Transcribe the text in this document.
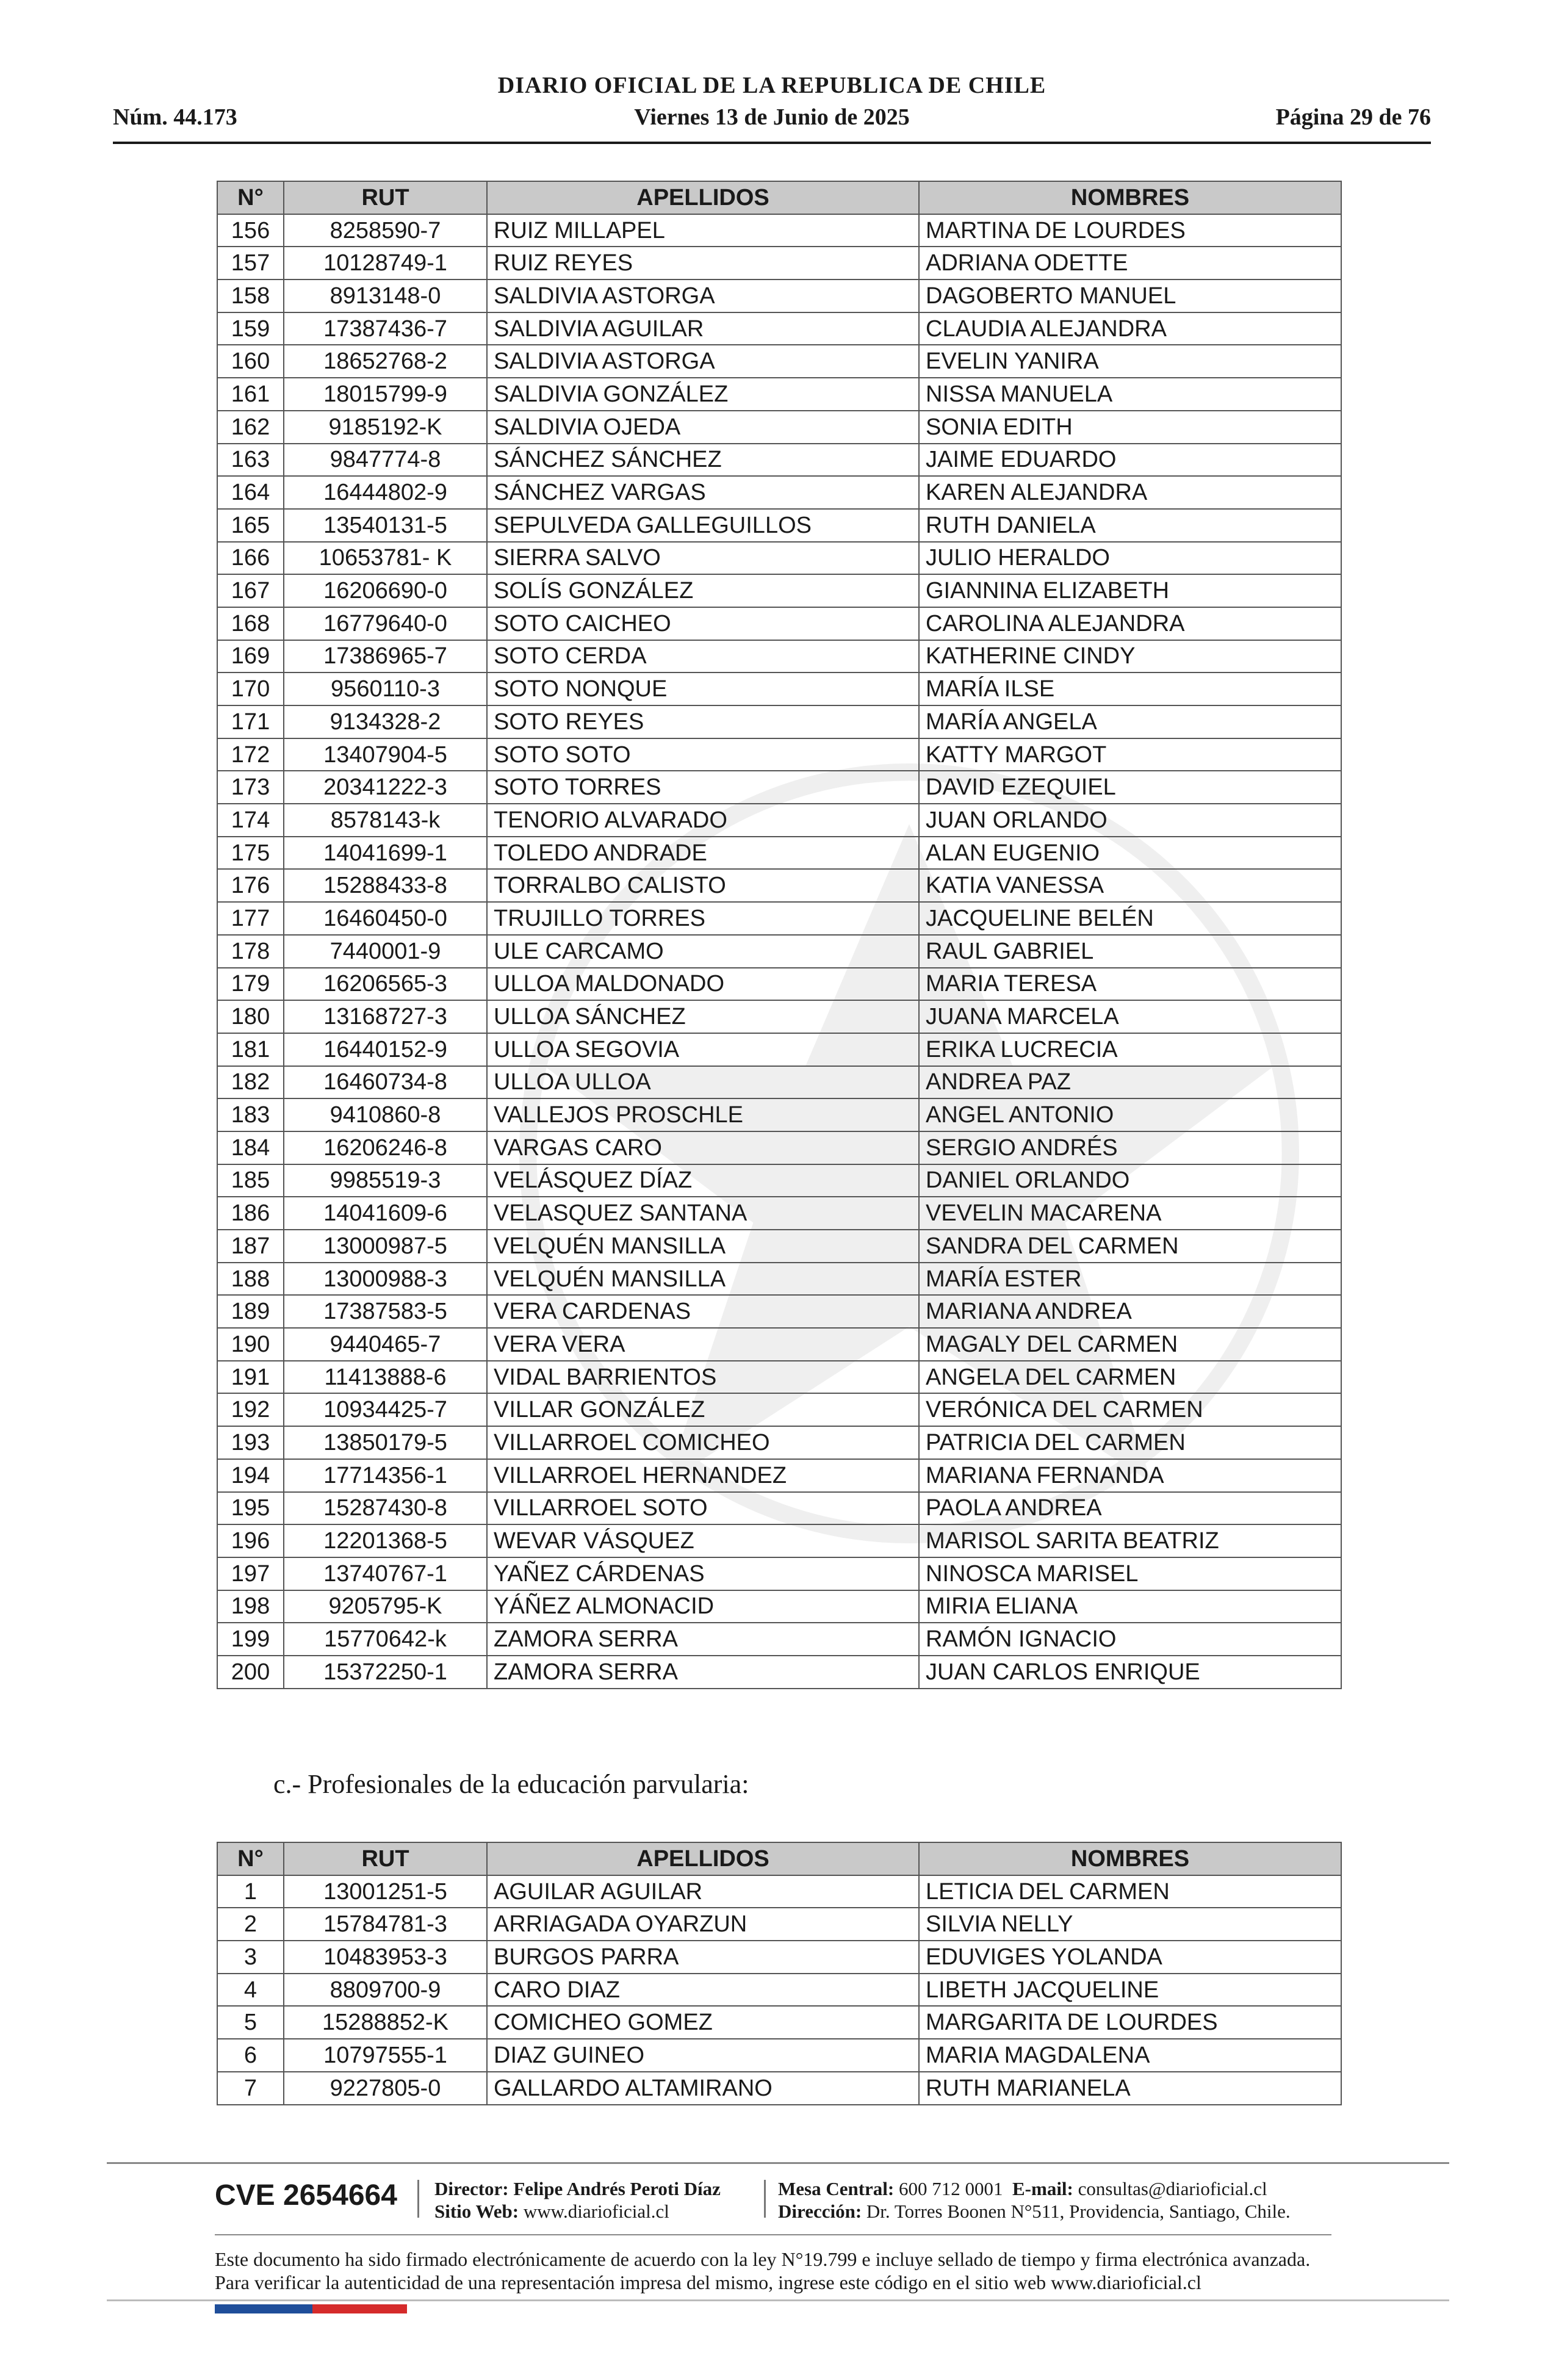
DIARIO OFICIAL DE LA REPUBLICA DE CHILE
Núm. 44.173	Viernes 13 de Junio de 2025	Página 29 de 76
N°	RUT	APELLIDOS	NOMBRES
156	8258590-7	RUIZ MILLAPEL	MARTINA DE LOURDES
157	10128749-1	RUIZ REYES	ADRIANA ODETTE
158	8913148-0	SALDIVIA ASTORGA	DAGOBERTO MANUEL
159	17387436-7	SALDIVIA AGUILAR	CLAUDIA ALEJANDRA
160	18652768-2	SALDIVIA ASTORGA	EVELIN YANIRA
161	18015799-9	SALDIVIA GONZÁLEZ	NISSA MANUELA
162	9185192-K	SALDIVIA OJEDA	SONIA EDITH
163	9847774-8	SÁNCHEZ SÁNCHEZ	JAIME EDUARDO
164	16444802-9	SÁNCHEZ VARGAS	KAREN ALEJANDRA
165	13540131-5	SEPULVEDA GALLEGUILLOS	RUTH DANIELA
166	10653781- K	SIERRA SALVO	JULIO HERALDO
167	16206690-0	SOLÍS GONZÁLEZ	GIANNINA ELIZABETH
168	16779640-0	SOTO CAICHEO	CAROLINA ALEJANDRA
169	17386965-7	SOTO CERDA	KATHERINE CINDY
170	9560110-3	SOTO NONQUE	MARÍA ILSE
171	9134328-2	SOTO REYES	MARÍA ANGELA
172	13407904-5	SOTO SOTO	KATTY MARGOT
173	20341222-3	SOTO TORRES	DAVID EZEQUIEL
174	8578143-k	TENORIO ALVARADO	JUAN ORLANDO
175	14041699-1	TOLEDO ANDRADE	ALAN EUGENIO
176	15288433-8	TORRALBO CALISTO	KATIA VANESSA
177	16460450-0	TRUJILLO TORRES	JACQUELINE BELÉN
178	7440001-9	ULE CARCAMO	RAUL GABRIEL
179	16206565-3	ULLOA MALDONADO	MARIA TERESA
180	13168727-3	ULLOA SÁNCHEZ	JUANA MARCELA
181	16440152-9	ULLOA SEGOVIA	ERIKA LUCRECIA
182	16460734-8	ULLOA ULLOA	ANDREA PAZ
183	9410860-8	VALLEJOS PROSCHLE	ANGEL ANTONIO
184	16206246-8	VARGAS CARO	SERGIO ANDRÉS
185	9985519-3	VELÁSQUEZ DÍAZ	DANIEL ORLANDO
186	14041609-6	VELASQUEZ SANTANA	VEVELIN MACARENA
187	13000987-5	VELQUÉN MANSILLA	SANDRA DEL CARMEN
188	13000988-3	VELQUÉN MANSILLA	MARÍA ESTER
189	17387583-5	VERA CARDENAS	MARIANA ANDREA
190	9440465-7	VERA VERA	MAGALY DEL CARMEN
191	11413888-6	VIDAL BARRIENTOS	ANGELA DEL CARMEN
192	10934425-7	VILLAR GONZÁLEZ	VERÓNICA DEL CARMEN
193	13850179-5	VILLARROEL COMICHEO	PATRICIA DEL CARMEN
194	17714356-1	VILLARROEL HERNANDEZ	MARIANA FERNANDA
195	15287430-8	VILLARROEL SOTO	PAOLA ANDREA
196	12201368-5	WEVAR VÁSQUEZ	MARISOL SARITA BEATRIZ
197	13740767-1	YAÑEZ CÁRDENAS	NINOSCA MARISEL
198	9205795-K	YÁÑEZ ALMONACID	MIRIA ELIANA
199	15770642-k	ZAMORA SERRA	RAMÓN IGNACIO
200	15372250-1	ZAMORA SERRA	JUAN CARLOS ENRIQUE
c.- Profesionales de la educación parvularia:
N°	RUT	APELLIDOS	NOMBRES
1	13001251-5	AGUILAR AGUILAR	LETICIA DEL CARMEN
2	15784781-3	ARRIAGADA OYARZUN	SILVIA NELLY
3	10483953-3	BURGOS PARRA	EDUVIGES YOLANDA
4	8809700-9	CARO DIAZ	LIBETH JACQUELINE
5	15288852-K	COMICHEO GOMEZ	MARGARITA DE LOURDES
6	10797555-1	DIAZ GUINEO	MARIA MAGDALENA
7	9227805-0	GALLARDO ALTAMIRANO	RUTH MARIANELA
CVE 2654664 Director: Felipe Andrés Peroti Díaz
Sitio Web: www.diarioficial.cl
Mesa Central: 600 712 0001 E-mail: consultas@diarioficial.cl
Dirección: Dr. Torres Boonen N°511, Providencia, Santiago, Chile.
Este documento ha sido firmado electrónicamente de acuerdo con la ley N°19.799 e incluye sellado de tiempo y firma electrónica avanzada. Para verificar la autenticidad de una representación impresa del mismo, ingrese este código en el sitio web www.diarioficial.cl
